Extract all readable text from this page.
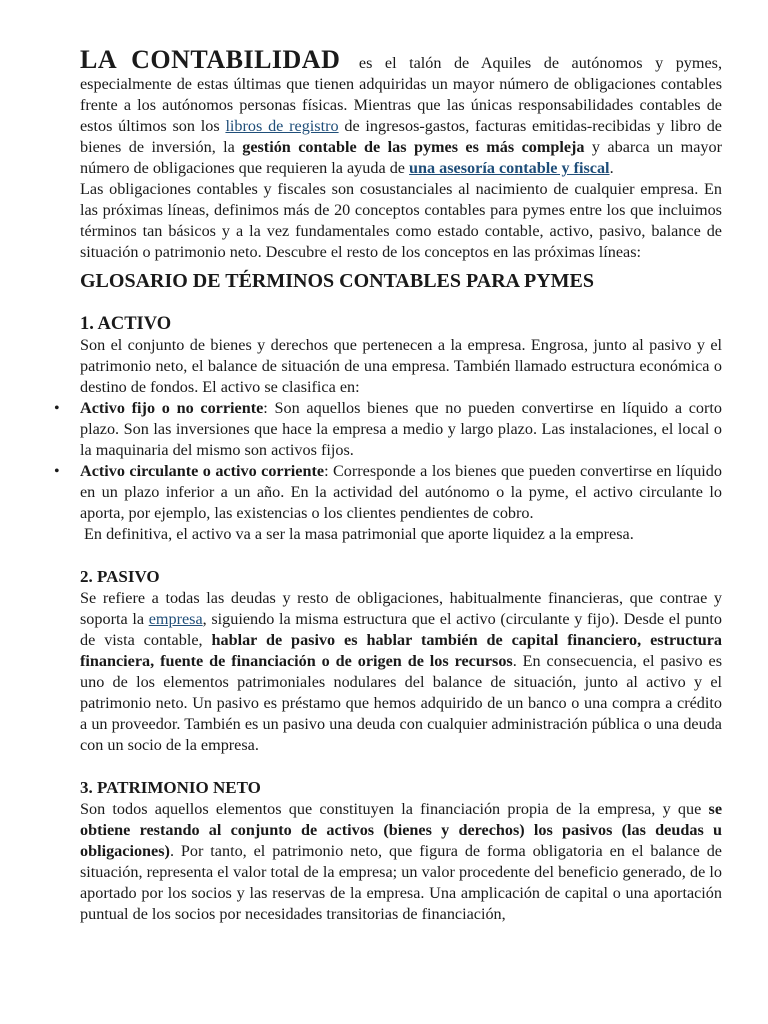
LA CONTABILIDAD es el talón de Aquiles de autónomos y pymes, especialmente de estas últimas que tienen adquiridas un mayor número de obligaciones contables frente a los autónomos personas físicas. Mientras que las únicas responsabilidades contables de estos últimos son los libros de registro de ingresos-gastos, facturas emitidas-recibidas y libro de bienes de inversión, la gestión contable de las pymes es más compleja y abarca un mayor número de obligaciones que requieren la ayuda de una asesoría contable y fiscal.

Las obligaciones contables y fiscales son cosustanciales al nacimiento de cualquier empresa. En las próximas líneas, definimos más de 20 conceptos contables para pymes entre los que incluimos términos tan básicos y a la vez fundamentales como estado contable, activo, pasivo, balance de situación o patrimonio neto. Descubre el resto de los conceptos en las próximas líneas:

GLOSARIO DE TÉRMINOS CONTABLES PARA PYMES
1. ACTIVO

Son el conjunto de bienes y derechos que pertenecen a la empresa. Engrosa, junto al pasivo y el patrimonio neto, el balance de situación de una empresa. También llamado estructura económica o destino de fondos. El activo se clasifica en:

• Activo fijo o no corriente: Son aquellos bienes que no pueden convertirse en líquido a corto plazo. Son las inversiones que hace la empresa a medio y largo plazo. Las instalaciones, el local o la maquinaria del mismo son activos fijos.
• Activo circulante o activo corriente: Corresponde a los bienes que pueden convertirse en líquido en un plazo inferior a un año. En la actividad del autónomo o la pyme, el activo circulante lo aporta, por ejemplo, las existencias o los clientes pendientes de cobro.

En definitiva, el activo va a ser la masa patrimonial que aporte liquidez a la empresa.

2. PASIVO

Se refiere a todas las deudas y resto de obligaciones, habitualmente financieras, que contrae y soporta la empresa, siguiendo la misma estructura que el activo (circulante y fijo). Desde el punto de vista contable, hablar de pasivo es hablar también de capital financiero, estructura financiera, fuente de financiación o de origen de los recursos. En consecuencia, el pasivo es uno de los elementos patrimoniales nodulares del balance de situación, junto al activo y el patrimonio neto. Un pasivo es préstamo que hemos adquirido de un banco o una compra a crédito a un proveedor. También es un pasivo una deuda con cualquier administración pública o una deuda con un socio de la empresa.

3. PATRIMONIO NETO

Son todos aquellos elementos que constituyen la financiación propia de la empresa, y que se obtiene restando al conjunto de activos (bienes y derechos) los pasivos (las deudas u obligaciones). Por tanto, el patrimonio neto, que figura de forma obligatoria en el balance de situación, representa el valor total de la empresa; un valor procedente del beneficio generado, de lo aportado por los socios y las reservas de la empresa. Una amplicación de capital o una aportación puntual de los socios por necesidades transitorias de financiación,
